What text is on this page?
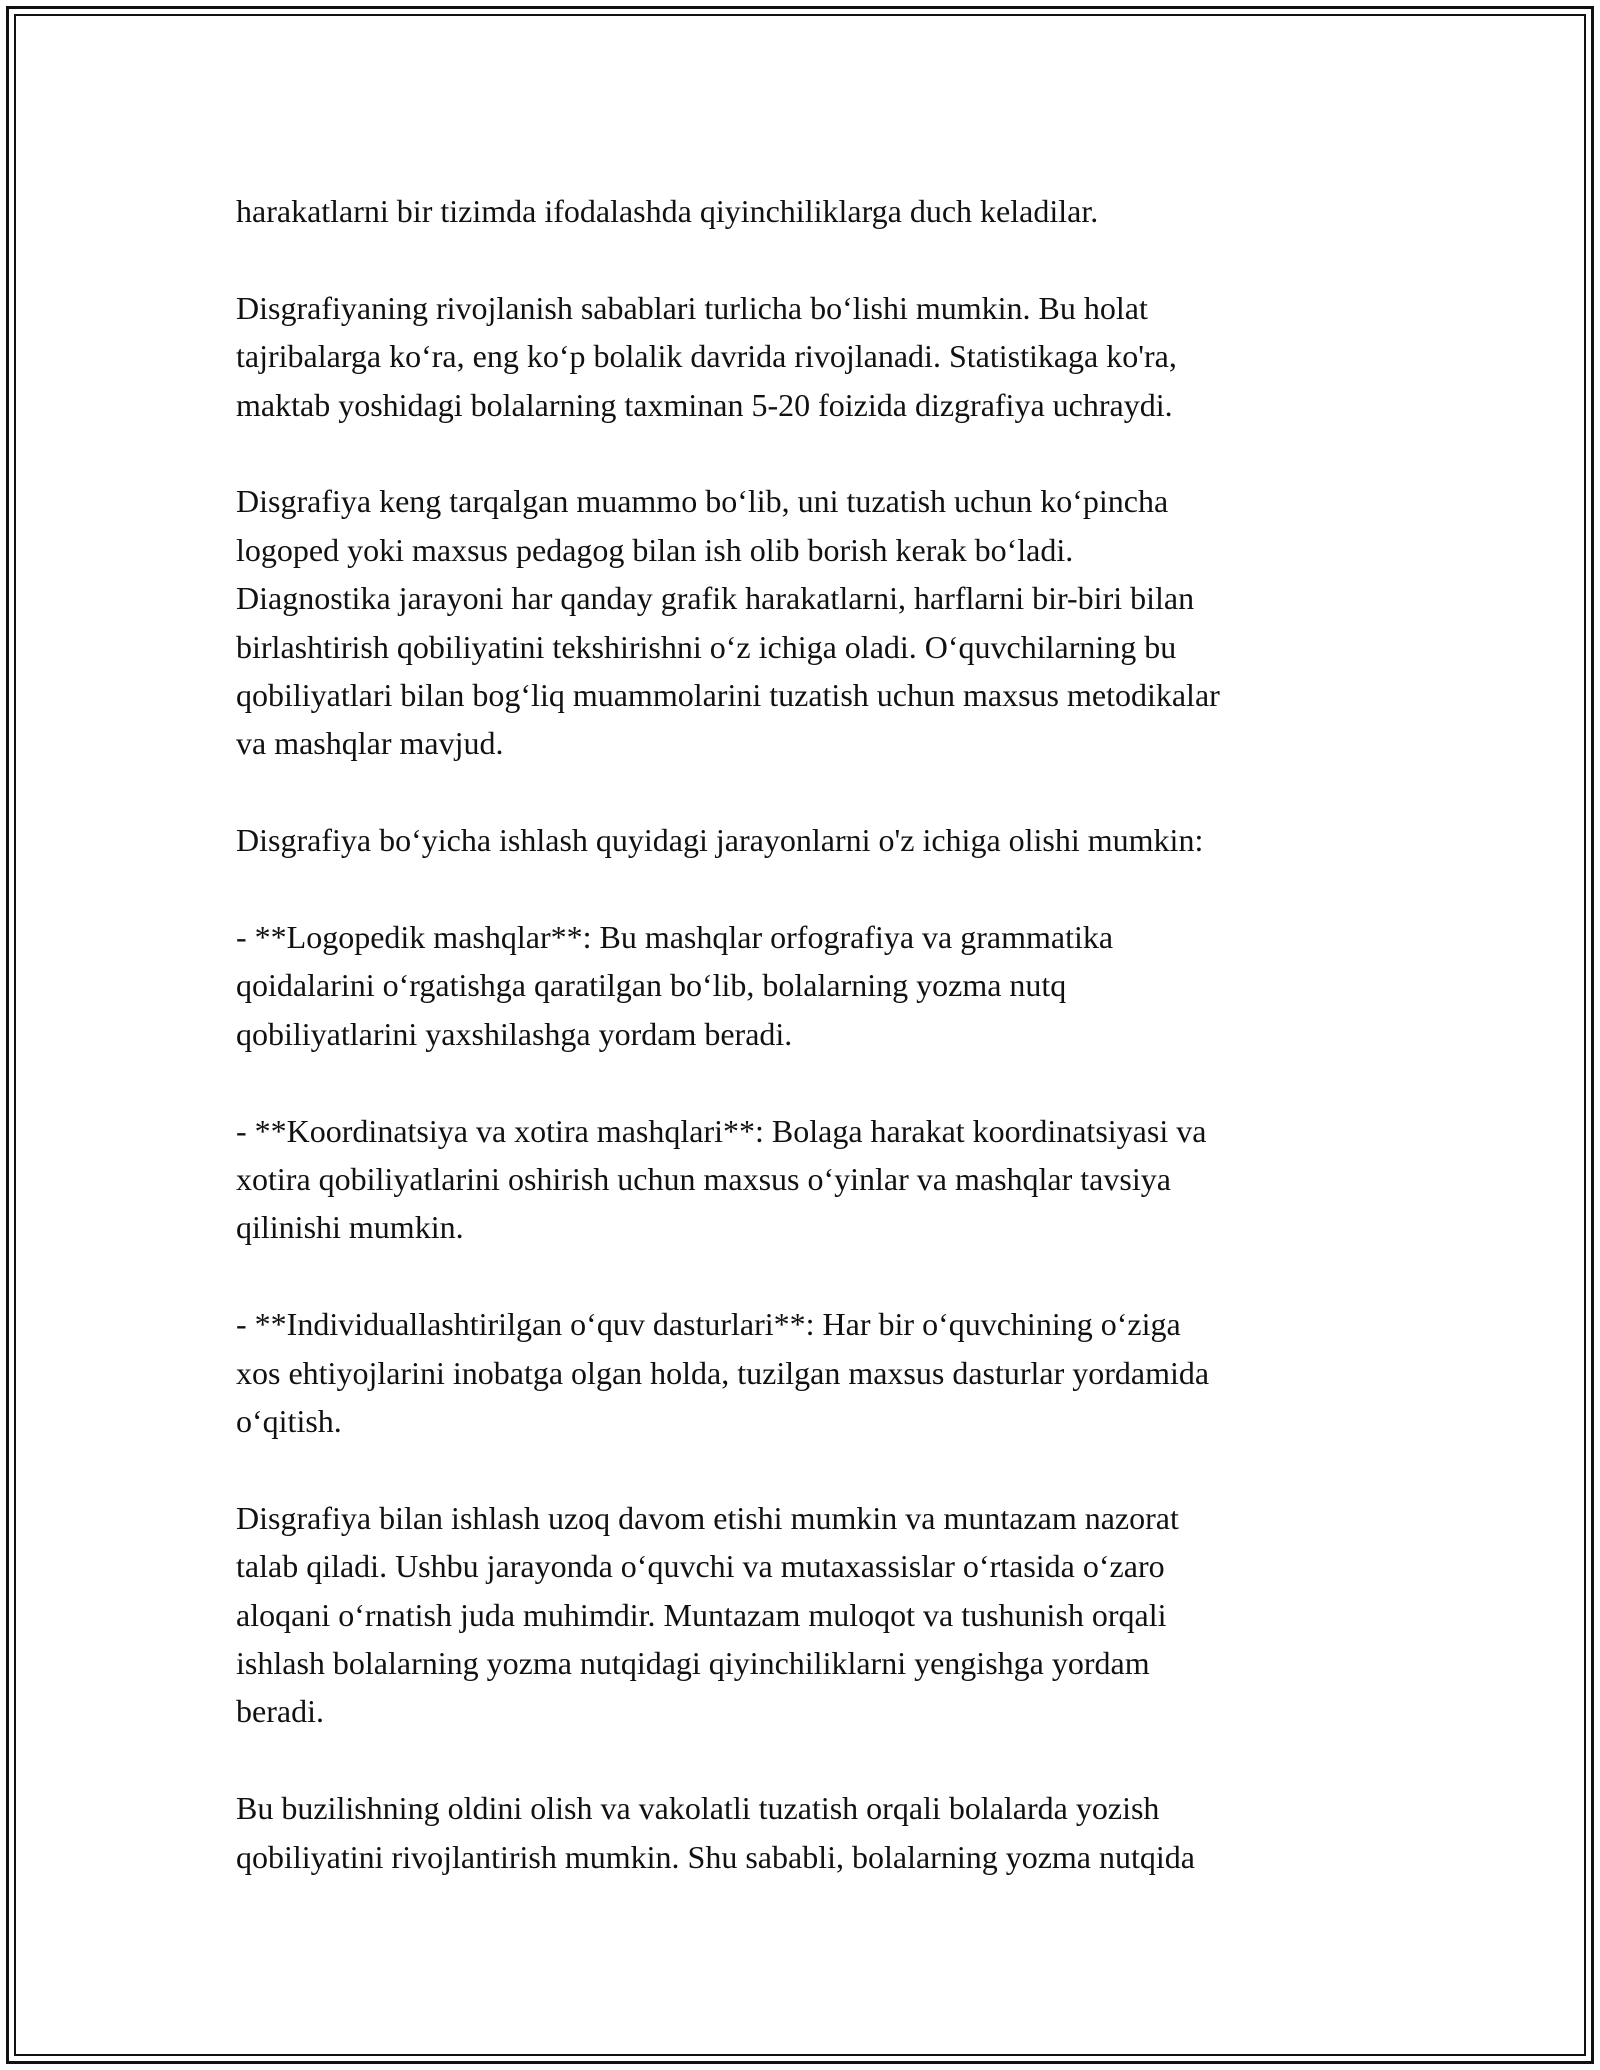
harakatlarni bir tizimda ifodalashda qiyinchiliklarga duch keladilar.

Disgrafiyaning rivojlanish sabablari turlicha boʻlishi mumkin. Bu holat
tajribalarga koʻra, eng koʻp bolalik davrida rivojlanadi. Statistikaga ko'ra,
maktab yoshidagi bolalarning taxminan 5-20 foizida dizgrafiya uchraydi.

Disgrafiya keng tarqalgan muammo boʻlib, uni tuzatish uchun koʻpincha
logoped yoki maxsus pedagog bilan ish olib borish kerak boʻladi.
Diagnostika jarayoni har qanday grafik harakatlarni, harflarni bir-biri bilan
birlashtirish qobiliyatini tekshirishni oʻz ichiga oladi. Oʻquvchilarning bu
qobiliyatlari bilan bogʻliq muammolarini tuzatish uchun maxsus metodikalar
va mashqlar mavjud.

Disgrafiya boʻyicha ishlash quyidagi jarayonlarni o'z ichiga olishi mumkin:

- **Logopedik mashqlar**: Bu mashqlar orfografiya va grammatika
qoidalarini oʻrgatishga qaratilgan boʻlib, bolalarning yozma nutq
qobiliyatlarini yaxshilashga yordam beradi.

- **Koordinatsiya va xotira mashqlari**: Bolaga harakat koordinatsiyasi va
xotira qobiliyatlarini oshirish uchun maxsus oʻyinlar va mashqlar tavsiya
qilinishi mumkin.

- **Individuallashtirilgan oʻquv dasturlari**: Har bir oʻquvchining oʻziga
xos ehtiyojlarini inobatga olgan holda, tuzilgan maxsus dasturlar yordamida
oʻqitish.

Disgrafiya bilan ishlash uzoq davom etishi mumkin va muntazam nazorat
talab qiladi. Ushbu jarayonda oʻquvchi va mutaxassislar oʻrtasida oʻzaro
aloqani oʻrnatish juda muhimdir. Muntazam muloqot va tushunish orqali
ishlash bolalarning yozma nutqidagi qiyinchiliklarni yengishga yordam
beradi.

Bu buzilishning oldini olish va vakolatli tuzatish orqali bolalarda yozish
qobiliyatini rivojlantirish mumkin. Shu sababli, bolalarning yozma nutqida
